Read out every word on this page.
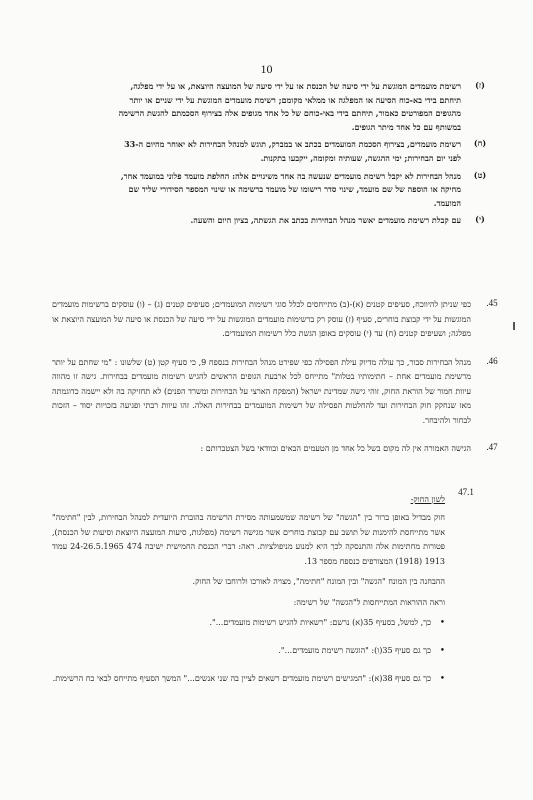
10
(ז)
רשימת מועמדים המוגשת על ידי סיעה של הכנסת או על ידי סיעה של המועצה היוצאת, או על ידי מפלגה, תיחתם בידי בא-כוח הסיעה או המפלגה או ממלאי מקומם; רשימת מועמדים המוגשת על ידי שניים או יותר מהגופים המפורטים כאמור, תיחתם בידי באי-כוחם של כל אחד מגופים אלה בצירוף הסכמתם להגשת הרשימה במשותף עם כל אחד מיתר הגופים.
(ח)
רשימת מועמדים, בצירוף הסכמת המועמדים בכתב או במברק, תוגש למנהל הבחירות לא יאוחר מהיום ה-33 לפני יום הבחירות; ימי ההגשה, שעותיה ומקומה, ייקבעו בתקנות.
(ט)
מנהל הבחירות לא יקבל רשימת מועמדים שנעשה בה אחד משינויים אלה: החלפת מועמד פלוני במועמד אחר, מחיקה או הוספה של שם מועמד, שינוי סדר רישומו של מועמד ברשימה או שינוי המספר הסידורי שליד שם המועמד.
(י)
עם קבלת רשימת מועמדים יאשר מנהל הבחירות בכתב את הגשתה, בציון היום והשעה.
45.
כפי שניתן להיווכח, סעיפים קטנים (א)-(ב) מתייחסים לכלל סוגי רשימות המועמדים; סעיפים קטנים (ג) – (ו) עוסקים ברשימות מועמדים המוגשות על ידי קבוצת בוחרים, סעיף (ז) עוסק רק ברשימות מועמדים המוגשות על ידי סיעה של הכנסת או סיעה של המועצה היוצאת או מפלגה; ושעיפים קטנים (ח) עד (י) עוסקים באופן הגשת כלל רשימות המועמדים.
46.
מנהל הבחירות סבור, כך עולה מדיוק עילת הפסילה כפי שפירט מנהל הבחירות בנספח 9, כי סעיף קטן (ט) שלשונו : "מי שחתם על יותר מרשימת מועמדים אחת – חתימותיו בטלות" מתייחס לכל ארבעת הגופים הראשים להגיש רשימות מועמדים בבחירות. גישה זו מהווה עיוות חמור של הוראת החוק, זוהי גישה שמדינת ישראל (המפקח הארצי על הבחירות ומשרד הפנים) לא תחזיקה בה ולא יישמה כדוגמתה מאז שנחקק חוק הבחירות ועד להחלטות הפסילה של רשימות המועמדים בבחירות האלה. זהו עיוות רבתי ופגיעה בזכויות יסוד – הזכות לבחור ולהיבחר.
47.
הגישה האמורה אין לה מקום בשל כל אחד מן הטעמים הבאים ובוודאי בשל הצטברותם :
47.1
לשון החוק-
חוק מבדיל באופן ברור בין "הגשה" של רשימה שמשמעותה מסירת הרשימה בהוברת היועדית למנהל הבחירות, לבין "חתימה" אשר מתייחסת להימנות של תושב עם קבוצת בוחרים אשר מגישה רשימה (מפלגות, סיעות המועצה היוצאת וסיעות של הכנסת), פטורות מחתימות אלה והתנסקה לכך היא למנוע מניפולציות. ראה: דברי הכנסת החמישית ישיבה 474 24-26.5.1965 עמוד 1913 (1918) המצורפים כנספח מספר 13.
ההבחנה בין המונח "הגשה" ובין המונח "חתימה", מצויה לאורכו ולרוחבו של החוק.
וראה ההוראות המתייחסות ל"הגשה" של רשימה:
•
כך, למשל, בסעיף 35(א) נרשם: "רשאיות להגיש רשימות מועמדים...".
•
כך גם סעיף 35(ו): "הוגשה רשימת מועמדים...".
•
כך גם סעיף 38(א): "המגישים רשימת מועמדים רשאים לציין בה שני אנשים..." המשך הסעיף מתייחס לבאי כח הרשימות.
